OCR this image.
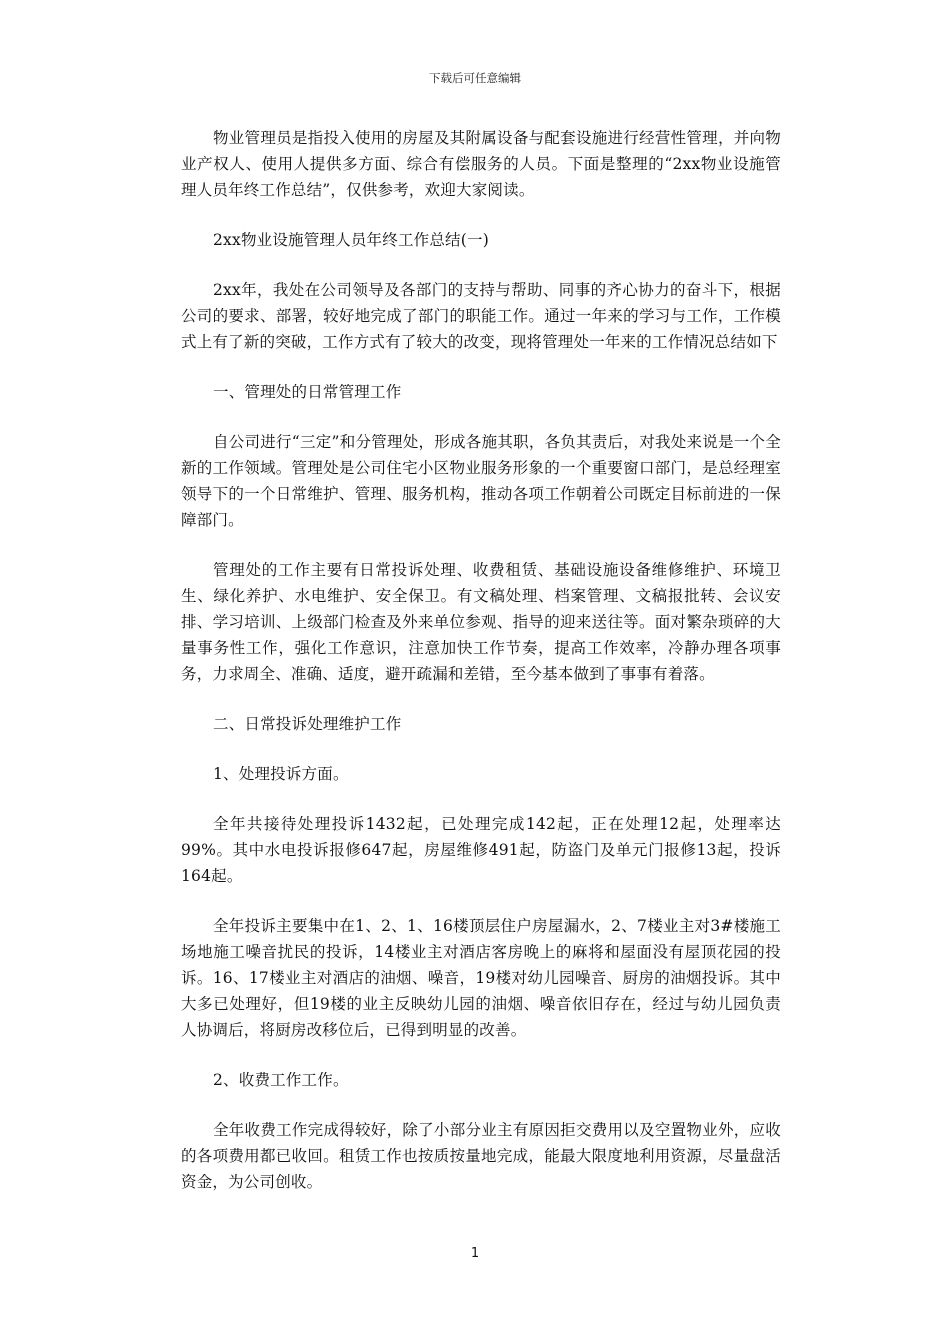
下载后可任意编辑

物业管理员是指投入使用的房屋及其附属设备与配套设施进行经营性管理，并向物业产权人、使用人提供多方面、综合有偿服务的人员。下面是整理的“2xx物业设施管理人员年终工作总结”，仅供参考，欢迎大家阅读。

2xx物业设施管理人员年终工作总结(一)

2xx年，我处在公司领导及各部门的支持与帮助、同事的齐心协力的奋斗下，根据公司的要求、部署，较好地完成了部门的职能工作。通过一年来的学习与工作，工作模式上有了新的突破，工作方式有了较大的改变，现将管理处一年来的工作情况总结如下

一、管理处的日常管理工作

自公司进行“三定”和分管理处，形成各施其职，各负其责后，对我处来说是一个全新的工作领域。管理处是公司住宅小区物业服务形象的一个重要窗口部门，是总经理室领导下的一个日常维护、管理、服务机构，推动各项工作朝着公司既定目标前进的一保障部门。

管理处的工作主要有日常投诉处理、收费租赁、基础设施设备维修维护、环境卫生、绿化养护、水电维护、安全保卫。有文稿处理、档案管理、文稿报批转、会议安排、学习培训、上级部门检查及外来单位参观、指导的迎来送往等。面对繁杂琐碎的大量事务性工作，强化工作意识，注意加快工作节奏，提高工作效率，冷静办理各项事务，力求周全、准确、适度，避开疏漏和差错，至今基本做到了事事有着落。

二、日常投诉处理维护工作

1、处理投诉方面。

全年共接待处理投诉1432起，已处理完成142起，正在处理12起，处理率达99%。其中水电投诉报修647起，房屋维修491起，防盗门及单元门报修13起，投诉164起。

全年投诉主要集中在1、2、1、16楼顶层住户房屋漏水，2、7楼业主对3#楼施工场地施工噪音扰民的投诉，14楼业主对酒店客房晚上的麻将和屋面没有屋顶花园的投诉。16、17楼业主对酒店的油烟、噪音，19楼对幼儿园噪音、厨房的油烟投诉。其中大多已处理好，但19楼的业主反映幼儿园的油烟、噪音依旧存在，经过与幼儿园负责人协调后，将厨房改移位后，已得到明显的改善。

2、收费工作工作。

全年收费工作完成得较好，除了小部分业主有原因拒交费用以及空置物业外，应收的各项费用都已收回。租赁工作也按质按量地完成，能最大限度地利用资源，尽量盘活资金，为公司创收。

1
